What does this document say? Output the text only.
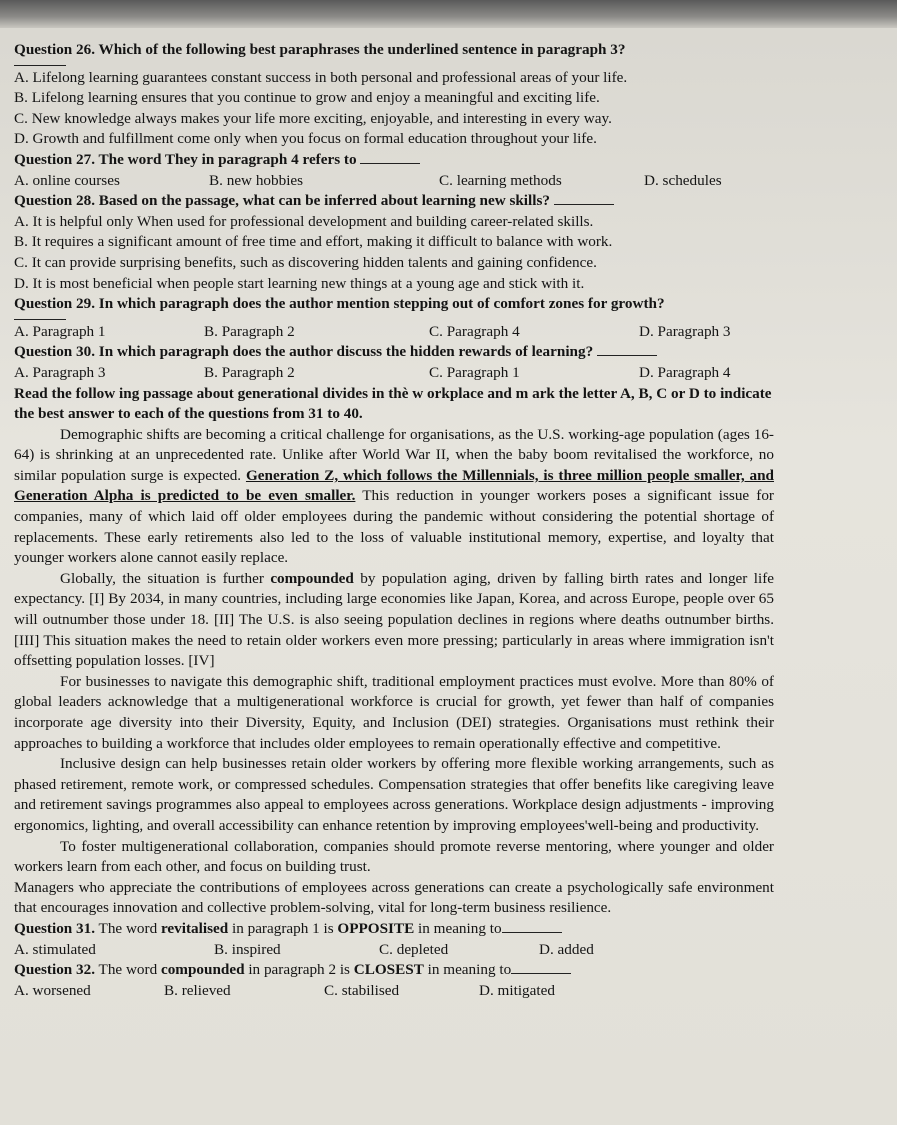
Question 26. Which of the following best paraphrases the underlined sentence in paragraph 3?

A. Lifelong learning guarantees constant success in both personal and professional areas of your life.

B. Lifelong learning ensures that you continue to grow and enjoy a meaningful and exciting life.

C. New knowledge always makes your life more exciting, enjoyable, and interesting in every way.

D. Growth and fulfillment come only when you focus on formal education throughout your life.

Question 27. The word They in paragraph 4 refers to

A. online courses	B. new hobbies	C. learning methods	D. schedules

Question 28. Based on the passage, what can be inferred about learning new skills?

A. It is helpful only When used for professional development and building career-related skills.

B. It requires a significant amount of free time and effort, making it difficult to balance with work.

C. It can provide surprising benefits, such as discovering hidden talents and gaining confidence.

D. It is most beneficial when people start learning new things at a young age and stick with it.

Question 29. In which paragraph does the author mention stepping out of comfort zones for growth?

A. Paragraph 1	B. Paragraph 2	C. Paragraph 4	D. Paragraph 3

Question 30. In which paragraph does the author discuss the hidden rewards of learning?

A. Paragraph 3	B. Paragraph 2	C. Paragraph 1	D. Paragraph 4

Read the follow ing passage about generational divides in thè w orkplace and m ark the letter A, B, C or D to indicate the best answer to each of the questions from 31 to 40.

Demographic shifts are becoming a critical challenge for organisations, as the U.S. working-age population (ages 16-64) is shrinking at an unprecedented rate. Unlike after World War II, when the baby boom revitalised the workforce, no similar population surge is expected. Generation Z, which follows the Millennials, is three million people smaller, and Generation Alpha is predicted to be even smaller. This reduction in younger workers poses a significant issue for companies, many of which laid off older employees during the pandemic without considering the potential shortage of replacements. These early retirements also led to the loss of valuable institutional memory, expertise, and loyalty that younger workers alone cannot easily replace.

Globally, the situation is further compounded by population aging, driven by falling birth rates and longer life expectancy. [I] By 2034, in many countries, including large economies like Japan, Korea, and across Europe, people over 65 will outnumber those under 18. [II] The U.S. is also seeing population declines in regions where deaths outnumber births. [III] This situation makes the need to retain older workers even more pressing; particularly in areas where immigration isn't offsetting population losses. [IV]

For businesses to navigate this demographic shift, traditional employment practices must evolve. More than 80% of global leaders acknowledge that a multigenerational workforce is crucial for growth, yet fewer than half of companies incorporate age diversity into their Diversity, Equity, and Inclusion (DEI) strategies. Organisations must rethink their approaches to building a workforce that includes older employees to remain operationally effective and competitive.

Inclusive design can help businesses retain older workers by offering more flexible working arrangements, such as phased retirement, remote work, or compressed schedules. Compensation strategies that offer benefits like caregiving leave and retirement savings programmes also appeal to employees across generations. Workplace design adjustments - improving ergonomics, lighting, and overall accessibility can enhance retention by improving employees'well-being and productivity.

To foster multigenerational collaboration, companies should promote reverse mentoring, where younger and older workers learn from each other, and focus on building trust.

Managers who appreciate the contributions of employees across generations can create a psychologically safe environment that encourages innovation and collective problem-solving, vital for long-term business resilience.

Question 31. The word revitalised in paragraph 1 is OPPOSITE in meaning to

A. stimulated	B. inspired	C. depleted	D. added

Question 32. The word compounded in paragraph 2 is CLOSEST in meaning to

A. worsened	B. relieved	C. stabilised	D. mitigated
